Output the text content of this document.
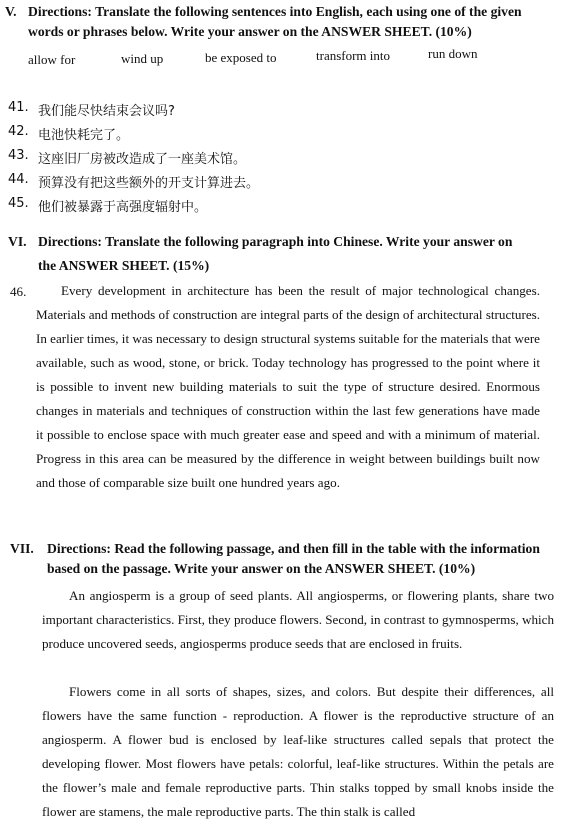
V. Directions: Translate the following sentences into English, each using one of the given
words or phrases below. Write your answer on the ANSWER SHEET. (10%)
allow for	wind up	be exposed to	transform into	run down
41. 我们能尽快结束会议吗?
42. 电池快耗完了。
43. 这座旧厂房被改造成了一座美术馆。
44. 预算没有把这些额外的开支计算进去。
45. 他们被暴露于高强度辐射中。
VI. Directions: Translate the following paragraph into Chinese. Write your answer on
the ANSWER SHEET. (15%)
46.	Every development in architecture has been the result of major technological changes. Materials and methods of construction are integral parts of the design of architectural structures. In earlier times, it was necessary to design structural systems suitable for the materials that were available, such as wood, stone, or brick. Today technology has progressed to the point where it is possible to invent new building materials to suit the type of structure desired. Enormous changes in materials and techniques of construction within the last few generations have made it possible to enclose space with much greater ease and speed and with a minimum of material. Progress in this area can be measured by the difference in weight between buildings built now and those of comparable size built one hundred years ago.
VII. Directions: Read the following passage, and then fill in the table with the information
based on the passage. Write your answer on the ANSWER SHEET. (10%)
An angiosperm is a group of seed plants. All angiosperms, or flowering plants, share two important characteristics. First, they produce flowers. Second, in contrast to gymnosperms, which produce uncovered seeds, angiosperms produce seeds that are enclosed in fruits.
Flowers come in all sorts of shapes, sizes, and colors. But despite their differences, all flowers have the same function - reproduction. A flower is the reproductive structure of an angiosperm. A flower bud is enclosed by leaf-like structures called sepals that protect the developing flower. Most flowers have petals: colorful, leaf-like structures. Within the petals are the flower’s male and female reproductive parts. Thin stalks topped by small knobs inside the flower are stamens, the male reproductive parts. The thin stalk is called
